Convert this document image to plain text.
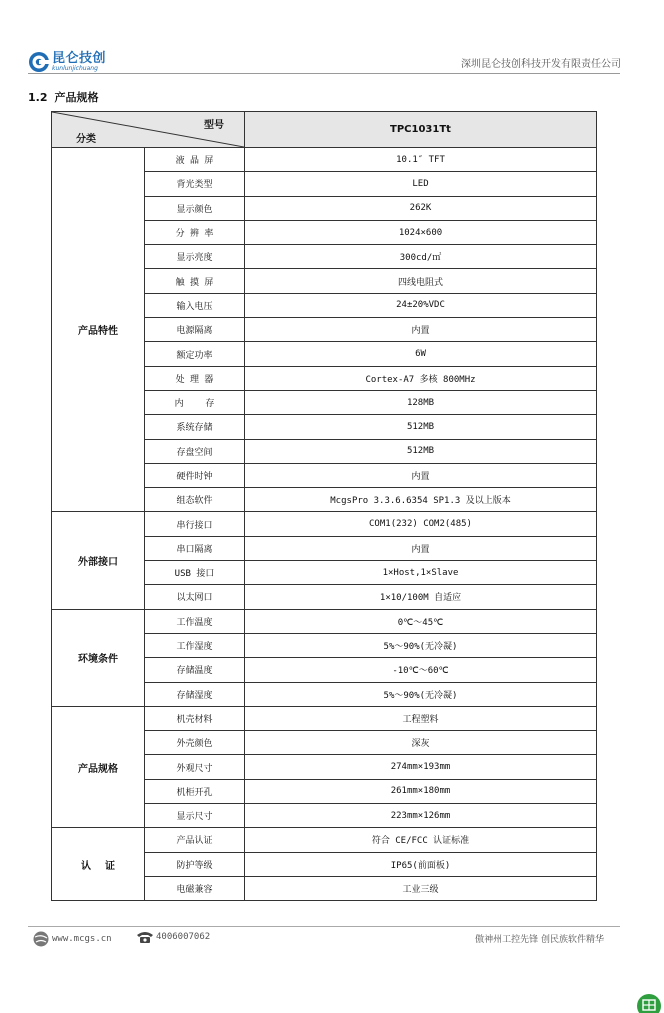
昆仑技创
kunlunjichuang	深圳昆仑技创科技开发有限责任公司
1.2 产品规格
型号
分类		TPC1031Tt
产品特性	液 晶 屏	10.1″ TFT
	背光类型	LED
	显示颜色	262K
	分 辨 率	1024×600
	显示亮度	300cd/㎡
	触 摸 屏	四线电阻式
	输入电压	24±20%VDC
	电源隔离	内置
	额定功率	6W
	处 理 器	Cortex-A7 多核 800MHz
	内    存	128MB
	系统存储	512MB
	存盘空间	512MB
	硬件时钟	内置
	组态软件	McgsPro 3.3.6.6354 SP1.3 及以上版本
外部接口	串行接口	COM1(232) COM2(485)
	串口隔离	内置
	USB 接口	1×Host,1×Slave
	以太网口	1×10/100M 自适应
环境条件	工作温度	0℃～45℃
	工作湿度	5%～90%(无冷凝)
	存储温度	-10℃～60℃
	存储湿度	5%～90%(无冷凝)
产品规格	机壳材料	工程塑料
	外壳颜色	深灰
	外观尺寸	274mm×193mm
	机柜开孔	261mm×180mm
	显示尺寸	223mm×126mm
认    证	产品认证	符合 CE/FCC 认证标准
	防护等级	IP65(前面板)
	电磁兼容	工业三级
www.mcgs.cn	4006007062	傲神州工控先锋 创民族软件精华
